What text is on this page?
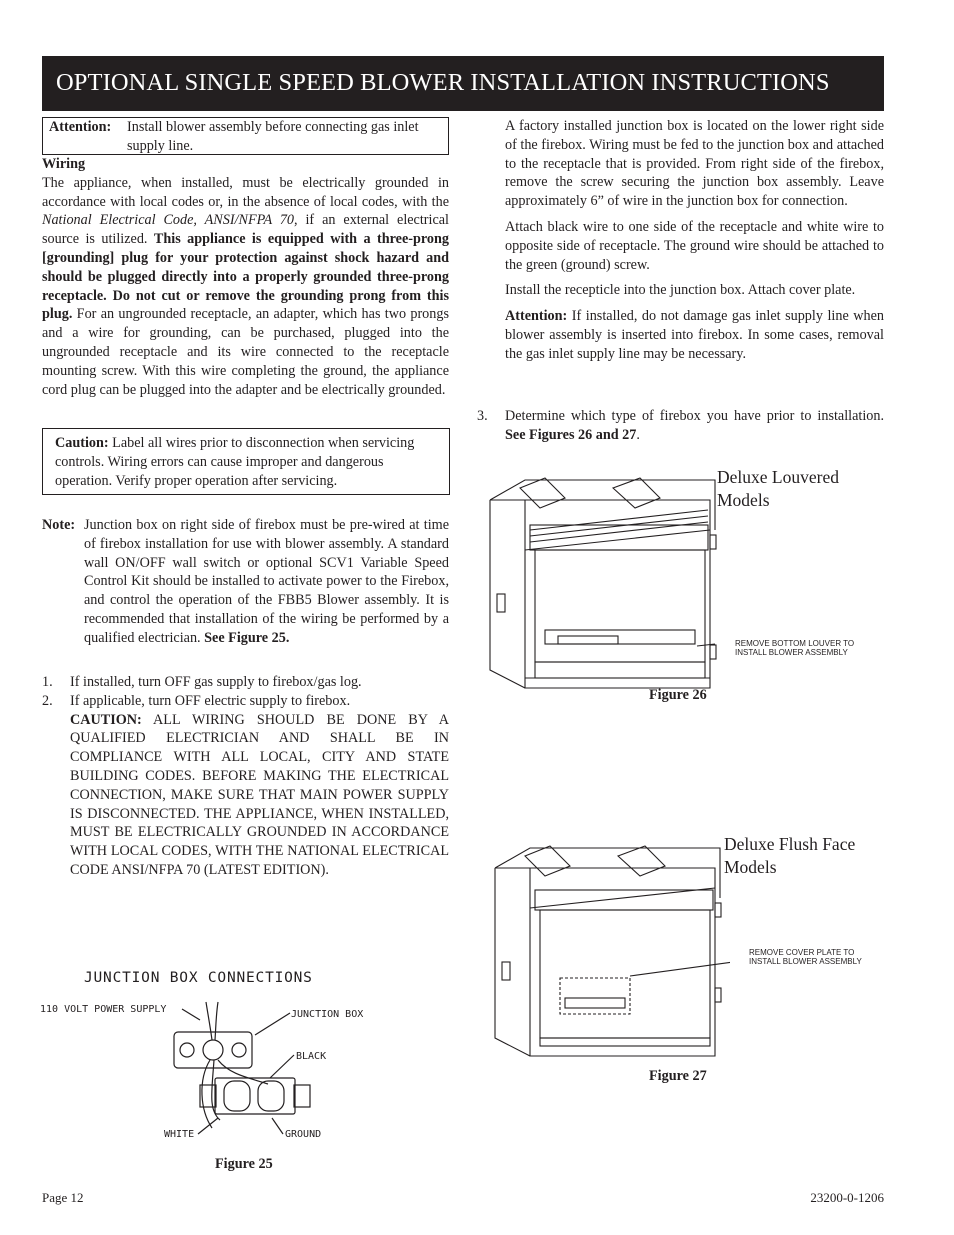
OPTIONAL SINGLE SPEED BLOWER INSTALLATION INSTRUCTIONS
Attention:	Install blower assembly before connecting gas inlet supply line.
Wiring

The appliance, when installed, must be electrically grounded in accordance with local codes or, in the absence of local codes, with the National Electrical Code, ANSI/NFPA 70, if an external electrical source is utilized. This appliance is equipped with a three-prong [grounding] plug for your protection against shock hazard and should be plugged directly into a properly grounded three-prong receptacle. Do not cut or remove the grounding prong from this plug. For an ungrounded receptacle, an adapter, which has two prongs and a wire for grounding, can be purchased, plugged into the ungrounded receptacle and its wire connected to the receptacle mounting screw. With this wire completing the ground, the appliance cord plug can be plugged into the adapter and be electrically grounded.

Caution: Label all wires prior to disconnection when servicing controls. Wiring errors can cause improper and dangerous operation. Verify proper operation after servicing.

Note: Junction box on right side of firebox must be pre-wired at time of firebox installation for use with blower assembly. A standard wall ON/OFF wall switch or optional SCV1 Variable Speed Control Kit should be installed to activate power to the Firebox, and control the operation of the FBB5 Blower assembly. It is recommended that installation of the wiring be performed by a qualified electrician. See Figure 25.

1.	If installed, turn OFF gas supply to firebox/gas log.
2.	If applicable, turn OFF electric supply to firebox.

CAUTION: ALL WIRING SHOULD BE DONE BY A QUALIFIED ELECTRICIAN AND SHALL BE IN COMPLIANCE WITH ALL LOCAL, CITY AND STATE BUILDING CODES. BEFORE MAKING THE ELECTRICAL CONNECTION, MAKE SURE THAT MAIN POWER SUPPLY IS DISCONNECTED. THE APPLIANCE, WHEN INSTALLED, MUST BE ELECTRICALLY GROUNDED IN ACCORDANCE WITH LOCAL CODES, WITH THE NATIONAL ELECTRICAL CODE ANSI/NFPA 70 (LATEST EDITION).

JUNCTION BOX CONNECTIONS
110 VOLT POWER SUPPLY	JUNCTION BOX
BLACK
WHITE	GROUND
Figure 25

A factory installed junction box is located on the lower right side of the firebox. Wiring must be fed to the junction box and attached to the receptacle that is provided. From right side of the firebox, remove the screw securing the junction box assembly. Leave approximately 6” of wire in the junction box for connection.

Attach black wire to one side of the receptacle and white wire to opposite side of receptacle. The ground wire should be attached to the green (ground) screw.

Install the recepticle into the junction box. Attach cover plate.

Attention: If installed, do not damage gas inlet supply line when blower assembly is inserted into firebox. In some cases, removal the gas inlet supply line may be necessary.

3.	Determine which type of firebox you have prior to installation. See Figures 26 and 27.

Deluxe Louvered Models
REMOVE BOTTOM LOUVER TO INSTALL BLOWER ASSEMBLY
Figure 26
Deluxe Flush Face Models
REMOVE COVER PLATE TO INSTALL BLOWER ASSEMBLY
Figure 27
Page 12	23200-0-1206
